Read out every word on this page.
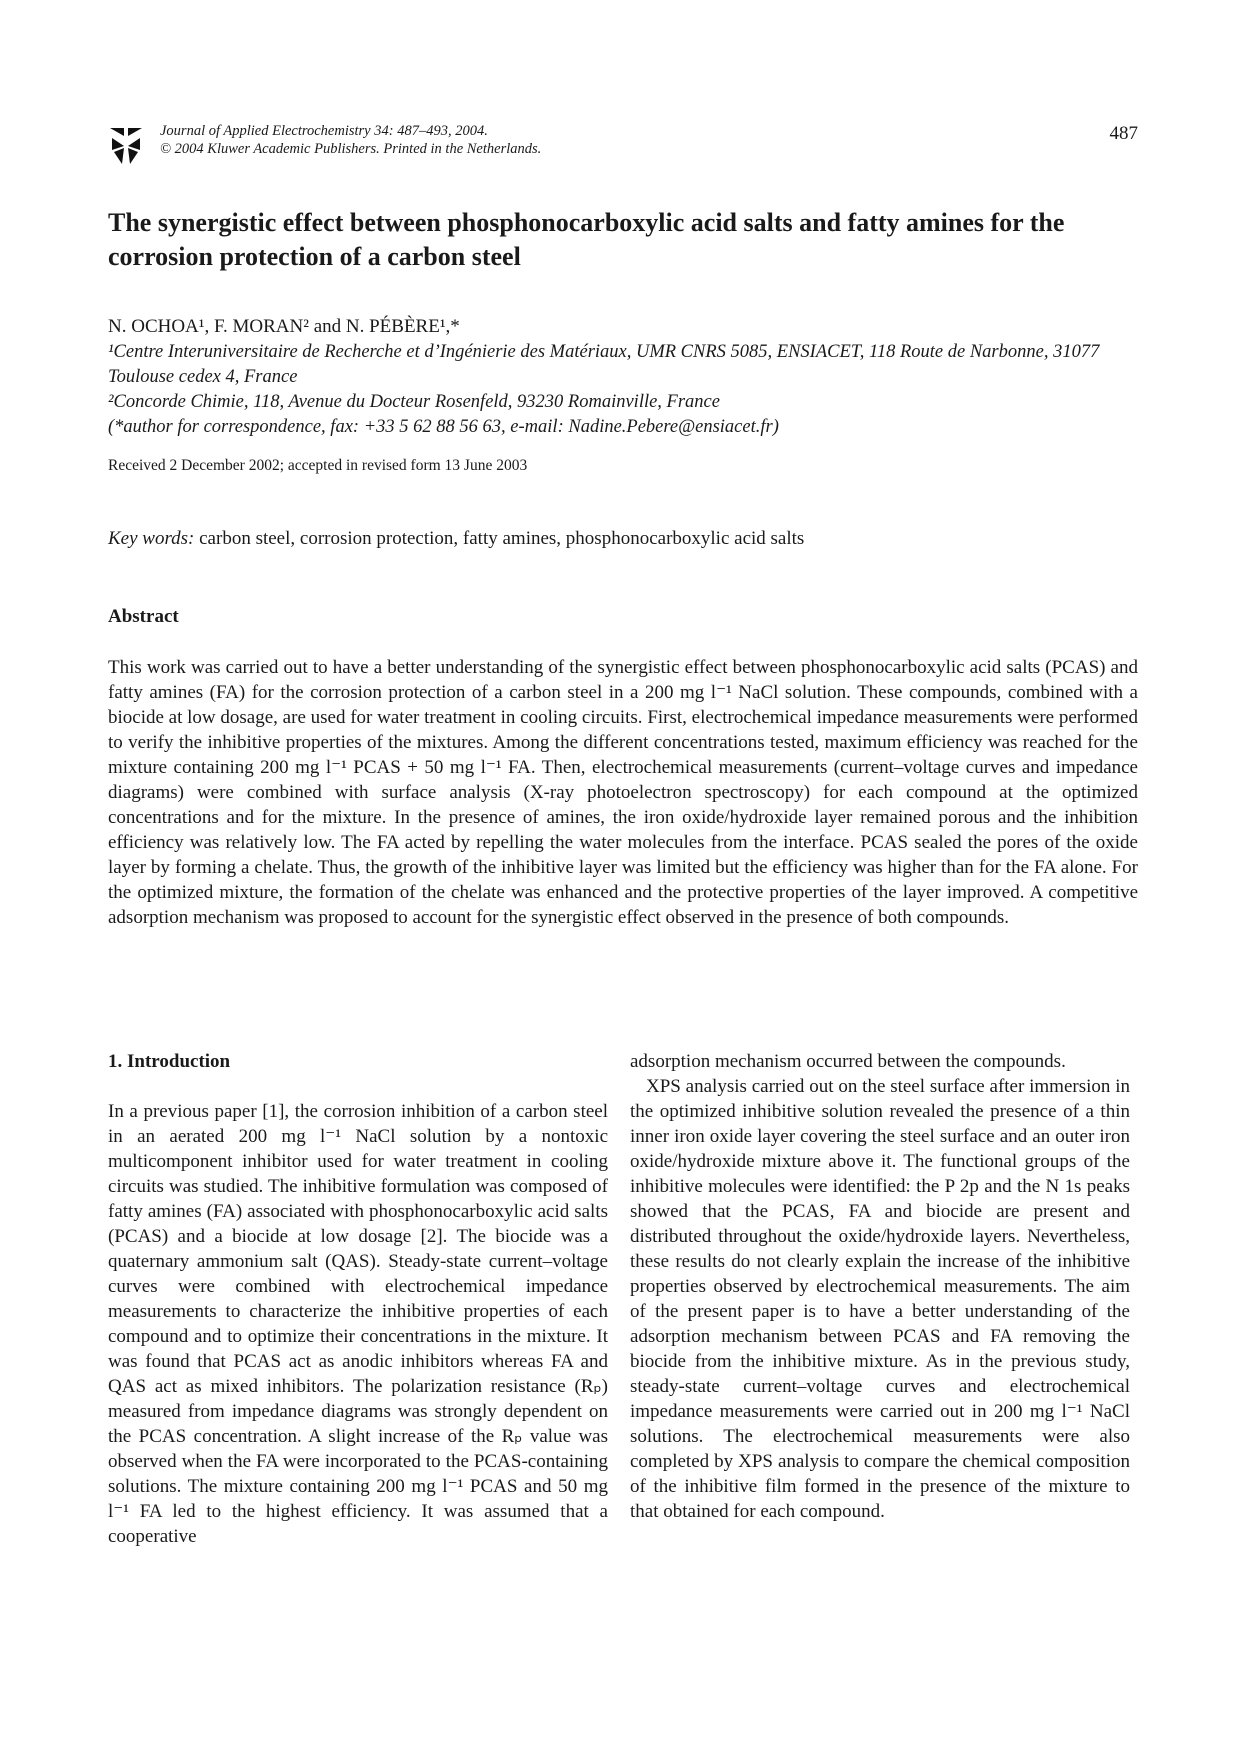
Journal of Applied Electrochemistry 34: 487–493, 2004.
© 2004 Kluwer Academic Publishers. Printed in the Netherlands.
487
The synergistic effect between phosphonocarboxylic acid salts and fatty amines for the corrosion protection of a carbon steel
N. OCHOA¹, F. MORAN² and N. PÉBÈRE¹,*
¹Centre Interuniversitaire de Recherche et d’Ingénierie des Matériaux, UMR CNRS 5085, ENSIACET, 118 Route de Narbonne, 31077 Toulouse cedex 4, France
²Concorde Chimie, 118, Avenue du Docteur Rosenfeld, 93230 Romainville, France
(*author for correspondence, fax: +33 5 62 88 56 63, e-mail: Nadine.Pebere@ensiacet.fr)
Received 2 December 2002; accepted in revised form 13 June 2003
Key words: carbon steel, corrosion protection, fatty amines, phosphonocarboxylic acid salts
Abstract

This work was carried out to have a better understanding of the synergistic effect between phosphonocarboxylic acid salts (PCAS) and fatty amines (FA) for the corrosion protection of a carbon steel in a 200 mg l⁻¹ NaCl solution. These compounds, combined with a biocide at low dosage, are used for water treatment in cooling circuits. First, electrochemical impedance measurements were performed to verify the inhibitive properties of the mixtures. Among the different concentrations tested, maximum efficiency was reached for the mixture containing 200 mg l⁻¹ PCAS + 50 mg l⁻¹ FA. Then, electrochemical measurements (current–voltage curves and impedance diagrams) were combined with surface analysis (X-ray photoelectron spectroscopy) for each compound at the optimized concentrations and for the mixture. In the presence of amines, the iron oxide/hydroxide layer remained porous and the inhibition efficiency was relatively low. The FA acted by repelling the water molecules from the interface. PCAS sealed the pores of the oxide layer by forming a chelate. Thus, the growth of the inhibitive layer was limited but the efficiency was higher than for the FA alone. For the optimized mixture, the formation of the chelate was enhanced and the protective properties of the layer improved. A competitive adsorption mechanism was proposed to account for the synergistic effect observed in the presence of both compounds.

1. Introduction

In a previous paper [1], the corrosion inhibition of a carbon steel in an aerated 200 mg l⁻¹ NaCl solution by a nontoxic multicomponent inhibitor used for water treatment in cooling circuits was studied. The inhibitive formulation was composed of fatty amines (FA) associated with phosphonocarboxylic acid salts (PCAS) and a biocide at low dosage [2]. The biocide was a quaternary ammonium salt (QAS). Steady-state current–voltage curves were combined with electrochemical impedance measurements to characterize the inhibitive properties of each compound and to optimize their concentrations in the mixture. It was found that PCAS act as anodic inhibitors whereas FA and QAS act as mixed inhibitors. The polarization resistance (Rₚ) measured from impedance diagrams was strongly dependent on the PCAS concentration. A slight increase of the Rₚ value was observed when the FA were incorporated to the PCAS-containing solutions. The mixture containing 200 mg l⁻¹ PCAS and 50 mg l⁻¹ FA led to the highest efficiency. It was assumed that a cooperative

adsorption mechanism occurred between the compounds.

XPS analysis carried out on the steel surface after immersion in the optimized inhibitive solution revealed the presence of a thin inner iron oxide layer covering the steel surface and an outer iron oxide/hydroxide mixture above it. The functional groups of the inhibitive molecules were identified: the P 2p and the N 1s peaks showed that the PCAS, FA and biocide are present and distributed throughout the oxide/hydroxide layers. Nevertheless, these results do not clearly explain the increase of the inhibitive properties observed by electrochemical measurements. The aim of the present paper is to have a better understanding of the adsorption mechanism between PCAS and FA removing the biocide from the inhibitive mixture. As in the previous study, steady-state current–voltage curves and electrochemical impedance measurements were carried out in 200 mg l⁻¹ NaCl solutions. The electrochemical measurements were also completed by XPS analysis to compare the chemical composition of the inhibitive film formed in the presence of the mixture to that obtained for each compound.
